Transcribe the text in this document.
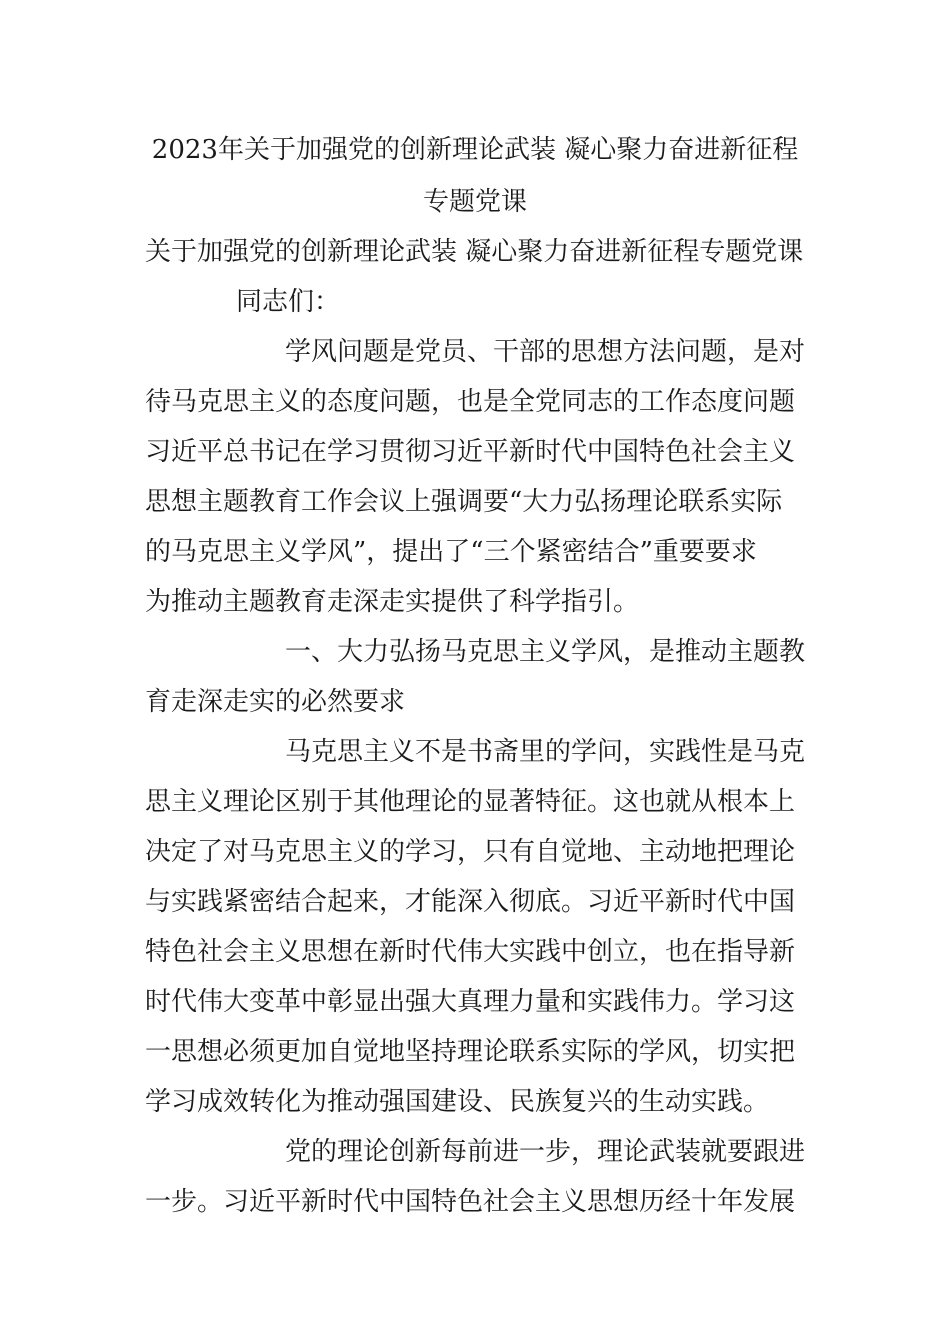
2023年关于加强党的创新理论武装 凝心聚力奋进新征程
专题党课
关于加强党的创新理论武装 凝心聚力奋进新征程专题党课
同志们：
学风问题是党员、干部的思想方法问题，是对
待马克思主义的态度问题，也是全党同志的工作态度问题
习近平总书记在学习贯彻习近平新时代中国特色社会主义
思想主题教育工作会议上强调要“大力弘扬理论联系实际
的马克思主义学风”，提出了“三个紧密结合”重要要求
为推动主题教育走深走实提供了科学指引。
一、大力弘扬马克思主义学风，是推动主题教
育走深走实的必然要求
马克思主义不是书斋里的学问，实践性是马克
思主义理论区别于其他理论的显著特征。这也就从根本上
决定了对马克思主义的学习，只有自觉地、主动地把理论
与实践紧密结合起来，才能深入彻底。习近平新时代中国
特色社会主义思想在新时代伟大实践中创立，也在指导新
时代伟大变革中彰显出强大真理力量和实践伟力。学习这
一思想必须更加自觉地坚持理论联系实际的学风，切实把
学习成效转化为推动强国建设、民族复兴的生动实践。
党的理论创新每前进一步，理论武装就要跟进
一步。习近平新时代中国特色社会主义思想历经十年发展
